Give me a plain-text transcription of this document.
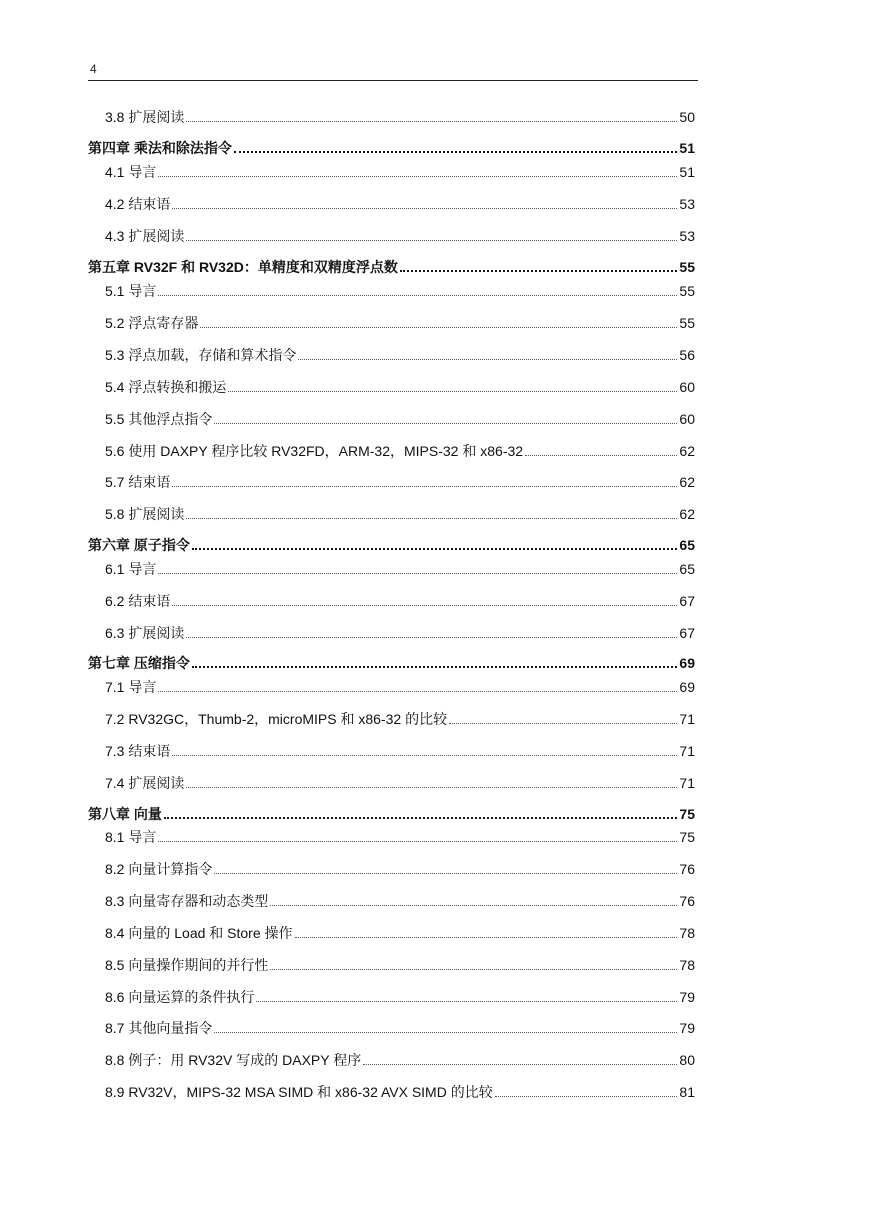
4
3.8 扩展阅读	50
第四章 乘法和除法指令	51
4.1 导言	51
4.2 结束语	53
4.3 扩展阅读	53
第五章 RV32F 和 RV32D：单精度和双精度浮点数	55
5.1 导言	55
5.2 浮点寄存器	55
5.3 浮点加载，存储和算术指令	56
5.4 浮点转换和搬运	60
5.5 其他浮点指令	60
5.6 使用 DAXPY 程序比较 RV32FD，ARM-32，MIPS-32 和 x86-32	62
5.7 结束语	62
5.8 扩展阅读	62
第六章 原子指令	65
6.1 导言	65
6.2 结束语	67
6.3 扩展阅读	67
第七章 压缩指令	69
7.1 导言	69
7.2 RV32GC，Thumb-2，microMIPS 和 x86-32 的比较	71
7.3 结束语	71
7.4 扩展阅读	71
第八章 向量	75
8.1 导言	75
8.2 向量计算指令	76
8.3 向量寄存器和动态类型	76
8.4 向量的 Load 和 Store 操作	78
8.5 向量操作期间的并行性	78
8.6 向量运算的条件执行	79
8.7 其他向量指令	79
8.8 例子：用 RV32V 写成的 DAXPY 程序	80
8.9 RV32V，MIPS-32 MSA SIMD 和 x86-32 AVX SIMD 的比较	81
